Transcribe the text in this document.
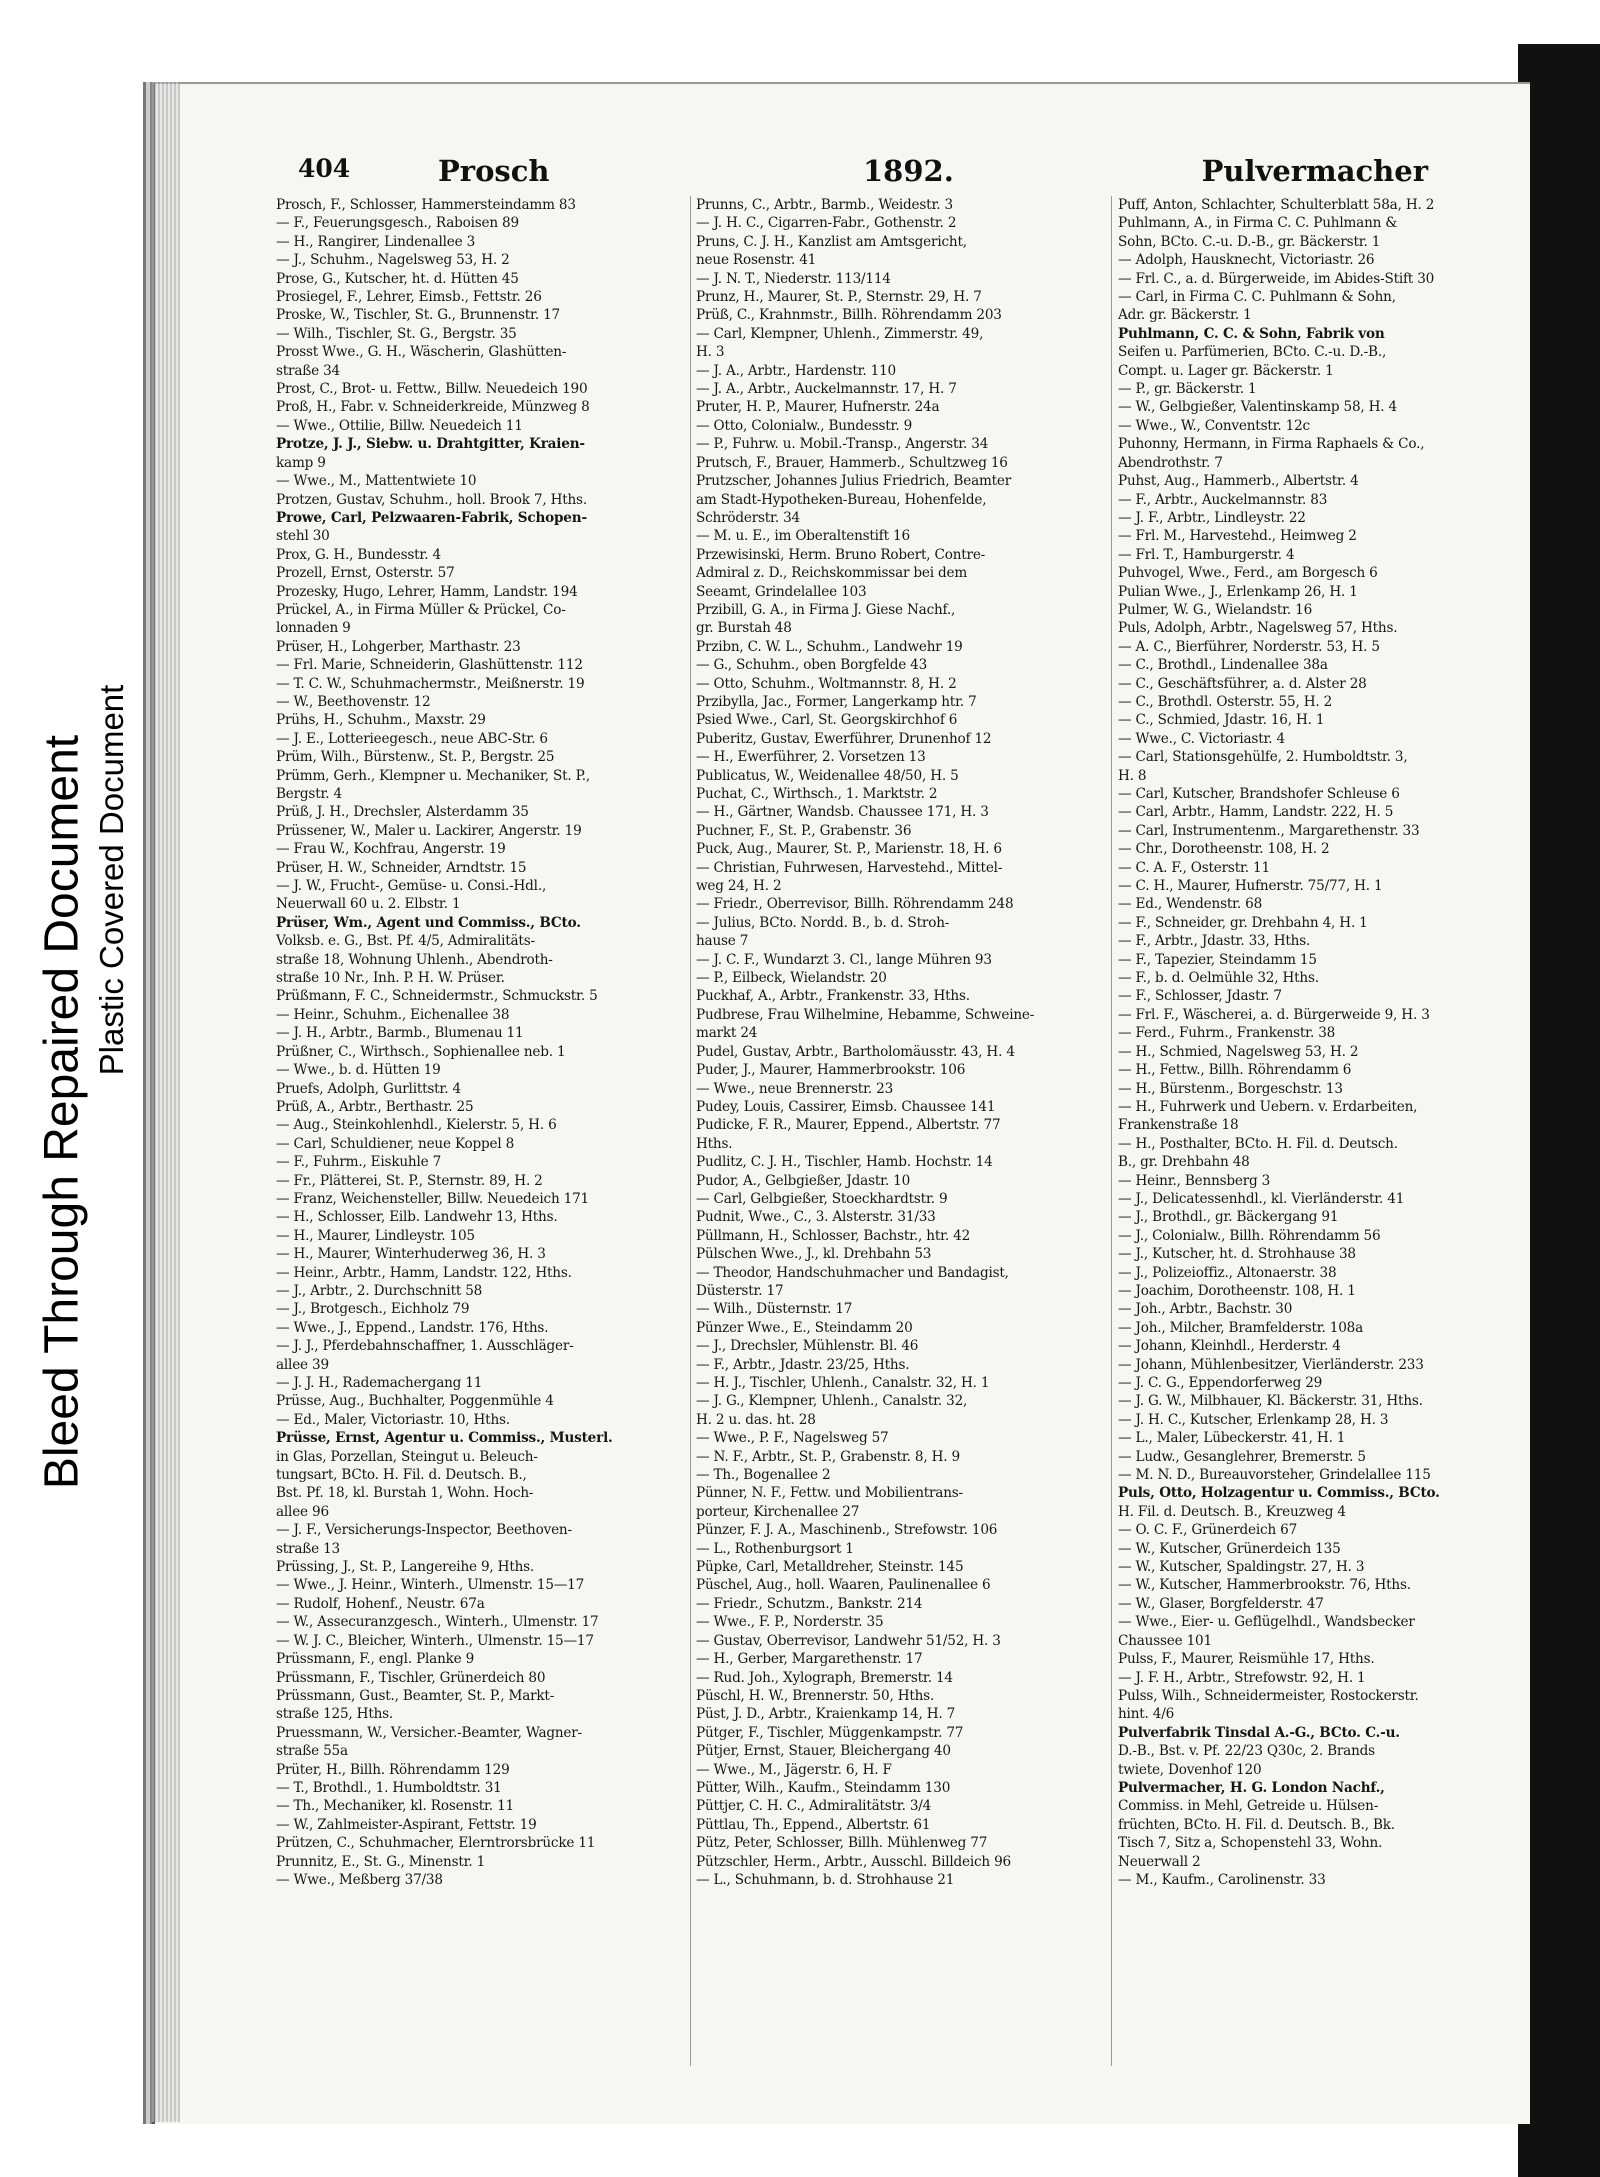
Bleed Through Repaired Document Plastic Covered Document
404	Prosch	1892.	Pulvermacher
Prosch, F., Schlosser, Hammersteindamm 83
— F., Feuerungsgesch., Raboisen 89
— H., Rangirer, Lindenallee 3
— J., Schuhm., Nagelsweg 53, H. 2
Prose, G., Kutscher, ht. d. Hütten 45
Prosiegel, F., Lehrer, Eimsb., Fettstr. 26
Proske, W., Tischler, St. G., Brunnenstr. 17
— Wilh., Tischler, St. G., Bergstr. 35
Prosst Wwe., G. H., Wäscherin, Glashütten-
straße 34
Prost, C., Brot- u. Fettw., Billw. Neuedeich 190
Proß, H., Fabr. v. Schneiderkreide, Münzweg 8
— Wwe., Ottilie, Billw. Neuedeich 11
Protze, J. J., Siebw. u. Drahtgitter, Kraien-
kamp 9
— Wwe., M., Mattentwiete 10
Protzen, Gustav, Schuhm., holl. Brook 7, Hths.
Prowe, Carl, Pelzwaaren-Fabrik, Schopen-
stehl 30
Prox, G. H., Bundesstr. 4
Prozell, Ernst, Osterstr. 57
Prozesky, Hugo, Lehrer, Hamm, Landstr. 194
Prückel, A., in Firma Müller & Prückel, Co-
lonnaden 9
Prüser, H., Lohgerber, Marthastr. 23
— Frl. Marie, Schneiderin, Glashüttenstr. 112
— T. C. W., Schuhmachermstr., Meißnerstr. 19
— W., Beethovenstr. 12
Prühs, H., Schuhm., Maxstr. 29
— J. E., Lotterieegesch., neue ABC-Str. 6
Prüm, Wilh., Bürstenw., St. P., Bergstr. 25
Prümm, Gerh., Klempner u. Mechaniker, St. P.,
Bergstr. 4
Prüß, J. H., Drechsler, Alsterdamm 35
Prüssener, W., Maler u. Lackirer, Angerstr. 19
— Frau W., Kochfrau, Angerstr. 19
Prüser, H. W., Schneider, Arndtstr. 15
— J. W., Frucht-, Gemüse- u. Consi.-Hdl.,
Neuerwall 60 u. 2. Elbstr. 1
Prüser, Wm., Agent und Commiss., BCto.
Volksb. e. G., Bst. Pf. 4/5, Admiralitäts-
straße 18, Wohnung Uhlenh., Abendroth-
straße 10 Nr., Inh. P. H. W. Prüser.
Prüßmann, F. C., Schneidermstr., Schmuckstr. 5
— Heinr., Schuhm., Eichenallee 38
— J. H., Arbtr., Barmb., Blumenau 11
Prüßner, C., Wirthsch., Sophienallee neb. 1
— Wwe., b. d. Hütten 19
Pruefs, Adolph, Gurlittstr. 4
Prüß, A., Arbtr., Berthastr. 25
— Aug., Steinkohlenhdl., Kielerstr. 5, H. 6
— Carl, Schuldiener, neue Koppel 8
— F., Fuhrm., Eiskuhle 7
— Fr., Plätterei, St. P., Sternstr. 89, H. 2
— Franz, Weichensteller, Billw. Neuedeich 171
— H., Schlosser, Eilb. Landwehr 13, Hths.
— H., Maurer, Lindleystr. 105
— H., Maurer, Winterhuderweg 36, H. 3
— Heinr., Arbtr., Hamm, Landstr. 122, Hths.
— J., Arbtr., 2. Durchschnitt 58
— J., Brotgesch., Eichholz 79
— Wwe., J., Eppend., Landstr. 176, Hths.
— J. J., Pferdebahnschaffner, 1. Ausschläger-
allee 39
— J. J. H., Rademachergang 11
Prüsse, Aug., Buchhalter, Poggenmühle 4
— Ed., Maler, Victoriastr. 10, Hths.
Prüsse, Ernst, Agentur u. Commiss., Musterl.
in Glas, Porzellan, Steingut u. Beleuch-
tungsart, BCto. H. Fil. d. Deutsch. B.,
Bst. Pf. 18, kl. Burstah 1, Wohn. Hoch-
allee 96
— J. F., Versicherungs-Inspector, Beethoven-
straße 13
Prüssing, J., St. P., Langereihe 9, Hths.
— Wwe., J. Heinr., Winterh., Ulmenstr. 15—17
— Rudolf, Hohenf., Neustr. 67a
— W., Assecuranzgesch., Winterh., Ulmenstr. 17
— W. J. C., Bleicher, Winterh., Ulmenstr. 15—17
Prüssmann, F., engl. Planke 9
Prüssmann, F., Tischler, Grünerdeich 80
Prüssmann, Gust., Beamter, St. P., Markt-
straße 125, Hths.
Pruessmann, W., Versicher.-Beamter, Wagner-
straße 55a
Prüter, H., Billh. Röhrendamm 129
— T., Brothdl., 1. Humboldtstr. 31
— Th., Mechaniker, kl. Rosenstr. 11
— W., Zahlmeister-Aspirant, Fettstr. 19
Prützen, C., Schuhmacher, Elerntrorsbrücke 11
Prunnitz, E., St. G., Minenstr. 1
— Wwe., Meßberg 37/38
Prunns, C., Arbtr., Barmb., Weidestr. 3
— J. H. C., Cigarren-Fabr., Gothenstr. 2
Pruns, C. J. H., Kanzlist am Amtsgericht,
neue Rosenstr. 41
— J. N. T., Niederstr. 113/114
Prunz, H., Maurer, St. P., Sternstr. 29, H. 7
Prüß, C., Krahnmstr., Billh. Röhrendamm 203
— Carl, Klempner, Uhlenh., Zimmerstr. 49,
H. 3
— J. A., Arbtr., Hardenstr. 110
— J. A., Arbtr., Auckelmannstr. 17, H. 7
Pruter, H. P., Maurer, Hufnerstr. 24a
— Otto, Colonialw., Bundesstr. 9
— P., Fuhrw. u. Mobil.-Transp., Angerstr. 34
Prutsch, F., Brauer, Hammerb., Schultzweg 16
Prutzscher, Johannes Julius Friedrich, Beamter
am Stadt-Hypotheken-Bureau, Hohenfelde,
Schröderstr. 34
— M. u. E., im Oberaltenstift 16
Przewisinski, Herm. Bruno Robert, Contre-
Admiral z. D., Reichskommissar bei dem
Seeamt, Grindelallee 103
Przibill, G. A., in Firma J. Giese Nachf.,
gr. Burstah 48
Przibn, C. W. L., Schuhm., Landwehr 19
— G., Schuhm., oben Borgfelde 43
— Otto, Schuhm., Woltmannstr. 8, H. 2
Przibylla, Jac., Former, Langerkamp htr. 7
Psied Wwe., Carl, St. Georgskirchhof 6
Puberitz, Gustav, Ewerführer, Drunenhof 12
— H., Ewerführer, 2. Vorsetzen 13
Publicatus, W., Weidenallee 48/50, H. 5
Puchat, C., Wirthsch., 1. Marktstr. 2
— H., Gärtner, Wandsb. Chaussee 171, H. 3
Puchner, F., St. P., Grabenstr. 36
Puck, Aug., Maurer, St. P., Marienstr. 18, H. 6
— Christian, Fuhrwesen, Harvestehd., Mittel-
weg 24, H. 2
— Friedr., Oberrevisor, Billh. Röhrendamm 248
— Julius, BCto. Nordd. B., b. d. Stroh-
hause 7
— J. C. F., Wundarzt 3. Cl., lange Mühren 93
— P., Eilbeck, Wielandstr. 20
Puckhaf, A., Arbtr., Frankenstr. 33, Hths.
Pudbrese, Frau Wilhelmine, Hebamme, Schweine-
markt 24
Pudel, Gustav, Arbtr., Bartholomäusstr. 43, H. 4
Puder, J., Maurer, Hammerbrookstr. 106
— Wwe., neue Brennerstr. 23
Pudey, Louis, Cassirer, Eimsb. Chaussee 141
Pudicke, F. R., Maurer, Eppend., Albertstr. 77
Hths.
Pudlitz, C. J. H., Tischler, Hamb. Hochstr. 14
Pudor, A., Gelbgießer, Jdastr. 10
— Carl, Gelbgießer, Stoeckhardtstr. 9
Pudnit, Wwe., C., 3. Alsterstr. 31/33
Püllmann, H., Schlosser, Bachstr., htr. 42
Pülschen Wwe., J., kl. Drehbahn 53
— Theodor, Handschuhmacher und Bandagist,
Düsterstr. 17
— Wilh., Düsternstr. 17
Pünzer Wwe., E., Steindamm 20
— J., Drechsler, Mühlenstr. Bl. 46
— F., Arbtr., Jdastr. 23/25, Hths.
— H. J., Tischler, Uhlenh., Canalstr. 32, H. 1
— J. G., Klempner, Uhlenh., Canalstr. 32,
H. 2 u. das. ht. 28
— Wwe., P. F., Nagelsweg 57
— N. F., Arbtr., St. P., Grabenstr. 8, H. 9
— Th., Bogenallee 2
Pünner, N. F., Fettw. und Mobilientrans-
porteur, Kirchenallee 27
Pünzer, F. J. A., Maschinenb., Strefowstr. 106
— L., Rothenburgsort 1
Püpke, Carl, Metalldreher, Steinstr. 145
Püschel, Aug., holl. Waaren, Paulinenallee 6
— Friedr., Schutzm., Bankstr. 214
— Wwe., F. P., Norderstr. 35
— Gustav, Oberrevisor, Landwehr 51/52, H. 3
— H., Gerber, Margarethenstr. 17
— Rud. Joh., Xylograph, Bremerstr. 14
Püschl, H. W., Brennerstr. 50, Hths.
Püst, J. D., Arbtr., Kraienkamp 14, H. 7
Pütger, F., Tischler, Müggenkampstr. 77
Pütjer, Ernst, Stauer, Bleichergang 40
— Wwe., M., Jägerstr. 6, H. F
Pütter, Wilh., Kaufm., Steindamm 130
Püttjer, C. H. C., Admiralitätstr. 3/4
Püttlau, Th., Eppend., Albertstr. 61
Pütz, Peter, Schlosser, Billh. Mühlenweg 77
Pützschler, Herm., Arbtr., Ausschl. Billdeich 96
— L., Schuhmann, b. d. Strohhause 21
Puff, Anton, Schlachter, Schulterblatt 58a, H. 2
Puhlmann, A., in Firma C. C. Puhlmann &
Sohn, BCto. C.-u. D.-B., gr. Bäckerstr. 1
— Adolph, Hausknecht, Victoriastr. 26
— Frl. C., a. d. Bürgerweide, im Abides-Stift 30
— Carl, in Firma C. C. Puhlmann & Sohn,
Adr. gr. Bäckerstr. 1
Puhlmann, C. C. & Sohn, Fabrik von
Seifen u. Parfümerien, BCto. C.-u. D.-B.,
Compt. u. Lager gr. Bäckerstr. 1
— P., gr. Bäckerstr. 1
— W., Gelbgießer, Valentinskamp 58, H. 4
— Wwe., W., Conventstr. 12c
Puhonny, Hermann, in Firma Raphaels & Co.,
Abendrothstr. 7
Puhst, Aug., Hammerb., Albertstr. 4
— F., Arbtr., Auckelmannstr. 83
— J. F., Arbtr., Lindleystr. 22
— Frl. M., Harvestehd., Heimweg 2
— Frl. T., Hamburgerstr. 4
Puhvogel, Wwe., Ferd., am Borgesch 6
Pulian Wwe., J., Erlenkamp 26, H. 1
Pulmer, W. G., Wielandstr. 16
Puls, Adolph, Arbtr., Nagelsweg 57, Hths.
— A. C., Bierführer, Norderstr. 53, H. 5
— C., Brothdl., Lindenallee 38a
— C., Geschäftsführer, a. d. Alster 28
— C., Brothdl. Osterstr. 55, H. 2
— C., Schmied, Jdastr. 16, H. 1
— Wwe., C. Victoriastr. 4
— Carl, Stationsgehülfe, 2. Humboldtstr. 3,
H. 8
— Carl, Kutscher, Brandshofer Schleuse 6
— Carl, Arbtr., Hamm, Landstr. 222, H. 5
— Carl, Instrumentenm., Margarethenstr. 33
— Chr., Dorotheenstr. 108, H. 2
— C. A. F., Osterstr. 11
— C. H., Maurer, Hufnerstr. 75/77, H. 1
— Ed., Wendenstr. 68
— F., Schneider, gr. Drehbahn 4, H. 1
— F., Arbtr., Jdastr. 33, Hths.
— F., Tapezier, Steindamm 15
— F., b. d. Oelmühle 32, Hths.
— F., Schlosser, Jdastr. 7
— Frl. F., Wäscherei, a. d. Bürgerweide 9, H. 3
— Ferd., Fuhrm., Frankenstr. 38
— H., Schmied, Nagelsweg 53, H. 2
— H., Fettw., Billh. Röhrendamm 6
— H., Bürstenm., Borgeschstr. 13
— H., Fuhrwerk und Uebern. v. Erdarbeiten,
Frankenstraße 18
— H., Posthalter, BCto. H. Fil. d. Deutsch.
B., gr. Drehbahn 48
— Heinr., Bennsberg 3
— J., Delicatessenhdl., kl. Vierländerstr. 41
— J., Brothdl., gr. Bäckergang 91
— J., Colonialw., Billh. Röhrendamm 56
— J., Kutscher, ht. d. Strohhause 38
— J., Polizeioffiz., Altonaerstr. 38
— Joachim, Dorotheenstr. 108, H. 1
— Joh., Arbtr., Bachstr. 30
— Joh., Milcher, Bramfelderstr. 108a
— Johann, Kleinhdl., Herderstr. 4
— Johann, Mühlenbesitzer, Vierländerstr. 233
— J. C. G., Eppendorferweg 29
— J. G. W., Milbhauer, Kl. Bäckerstr. 31, Hths.
— J. H. C., Kutscher, Erlenkamp 28, H. 3
— L., Maler, Lübeckerstr. 41, H. 1
— Ludw., Gesanglehrer, Bremerstr. 5
— M. N. D., Bureauvorsteher, Grindelallee 115
Puls, Otto, Holzagentur u. Commiss., BCto.
H. Fil. d. Deutsch. B., Kreuzweg 4
— O. C. F., Grünerdeich 67
— W., Kutscher, Grünerdeich 135
— W., Kutscher, Spaldingstr. 27, H. 3
— W., Kutscher, Hammerbrookstr. 76, Hths.
— W., Glaser, Borgfelderstr. 47
— Wwe., Eier- u. Geflügelhdl., Wandsbecker
Chaussee 101
Pulss, F., Maurer, Reismühle 17, Hths.
— J. F. H., Arbtr., Strefowstr. 92, H. 1
Pulss, Wilh., Schneidermeister, Rostockerstr.
hint. 4/6
Pulverfabrik Tinsdal A.-G., BCto. C.-u.
D.-B., Bst. v. Pf. 22/23 Q30c, 2. Brands
twiete, Dovenhof 120
Pulvermacher, H. G. London Nachf.,
Commiss. in Mehl, Getreide u. Hülsen-
früchten, BCto. H. Fil. d. Deutsch. B., Bk.
Tisch 7, Sitz a, Schopenstehl 33, Wohn.
Neuerwall 2
— M., Kaufm., Carolinenstr. 33
